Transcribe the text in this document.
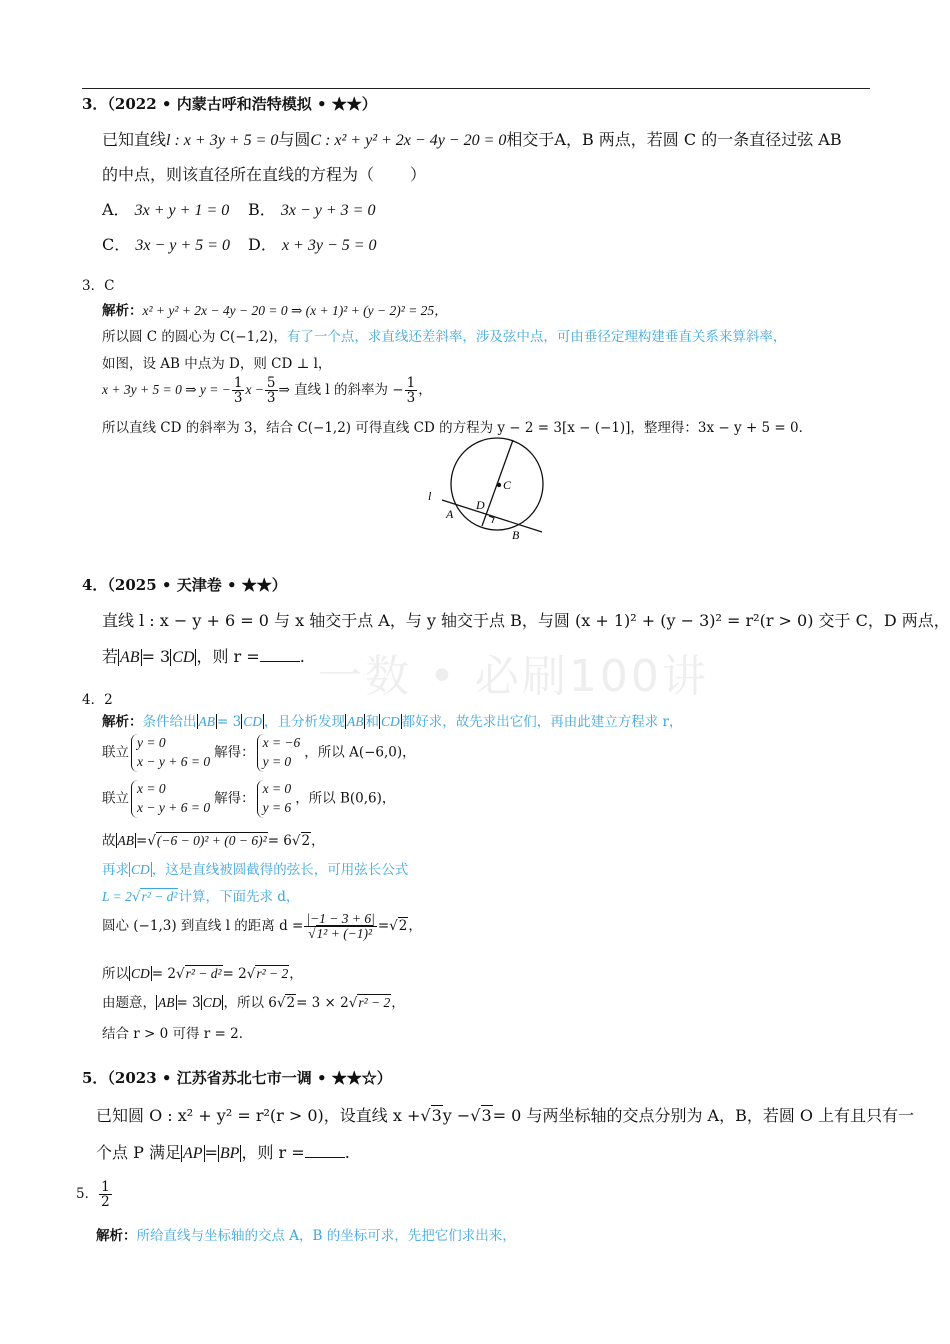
一数 • 必刷100讲
3．（2022 • 内蒙古呼和浩特模拟 • ★★）
已知直线l : x + 3y + 5 = 0与圆C : x² + y² + 2x − 4y − 20 = 0相交于A，B 两点，若圆 C 的一条直径过弦 AB
的中点，则该直径所在直线的方程为（ ）
A． 3x + y + 1 = 0 B． 3x − y + 3 = 0
C． 3x − y + 5 = 0 D． x + 3y − 5 = 0
3．C
解析：x² + y² + 2x − 4y − 20 = 0 ⇒ (x + 1)² + (y − 2)² = 25，
所以圆 C 的圆心为 C(−1,2)，有了一个点，求直线还差斜率，涉及弦中点，可由垂径定理构建垂直关系来算斜率，
如图，设 AB 中点为 D，则 CD ⊥ l，
x + 3y + 5 = 0 ⇒ y = − $\frac{1}{3}$ $x - \frac{5}{3}$ ⇒ 直线 l 的斜率为 − $\frac{1}{3}$ ，
所以直线 CD 的斜率为 3，结合 C(−1,2) 可得直线 CD 的方程为 y − 2 = 3[x − (−1)]，整理得：3x − y + 5 = 0．
l
A
B
C
D
4．（2025 • 天津卷 • ★★）
直线 l : x − y + 6 = 0 与 x 轴交于点 A，与 y 轴交于点 B，与圆 (x + 1)² + (y − 3)² = r²(r > 0) 交于 C，D 两点，
若 AB = 3 CD ，则 r =	.
4．2
解析：条件给出 AB = 3 CD ，且分析发现 AB 和 CD 都好求，故先求出它们，再由此建立方程求 r，
联立
y = 0
x − y + 6 = 0
解得：
x = −6
y = 0
，所以 A(−6,0)，
联立
x = 0
x − y + 6 = 0
解得：
x = 0
y = 6
，所以 B(0,6)，
故 AB =√(−6 − 0)² + (0 − 6)²= 6√2，
再求 CD ，这是直线被圆截得的弦长，可用弦长公式
L = 2√r² − d²计算，下面先求 d，
圆心 (−1,3) 到直线 l 的距离 $d = \frac{|-1 - 3 + 6|}{\text{√1² + (−1)²}} =√2$，
所以 CD = 2√r² − d²= 2√r² − 2，
由题意， AB = 3 CD ，所以 6√2= 3 × 2√r² − 2，
结合 r > 0 可得 r = 2．
5．（2023 • 江苏省苏北七市一调 • ★★☆）
已知圆 O : x² + y² = r²(r > 0)，设直线 x +√3y −√3= 0 与两坐标轴的交点分别为 A，B，若圆 O 上有且只有一
个点 P 满足 AP = BP ，则 r =	.
5． $\frac{1}{2}$
解析：所给直线与坐标轴的交点 A，B 的坐标可求，先把它们求出来，
